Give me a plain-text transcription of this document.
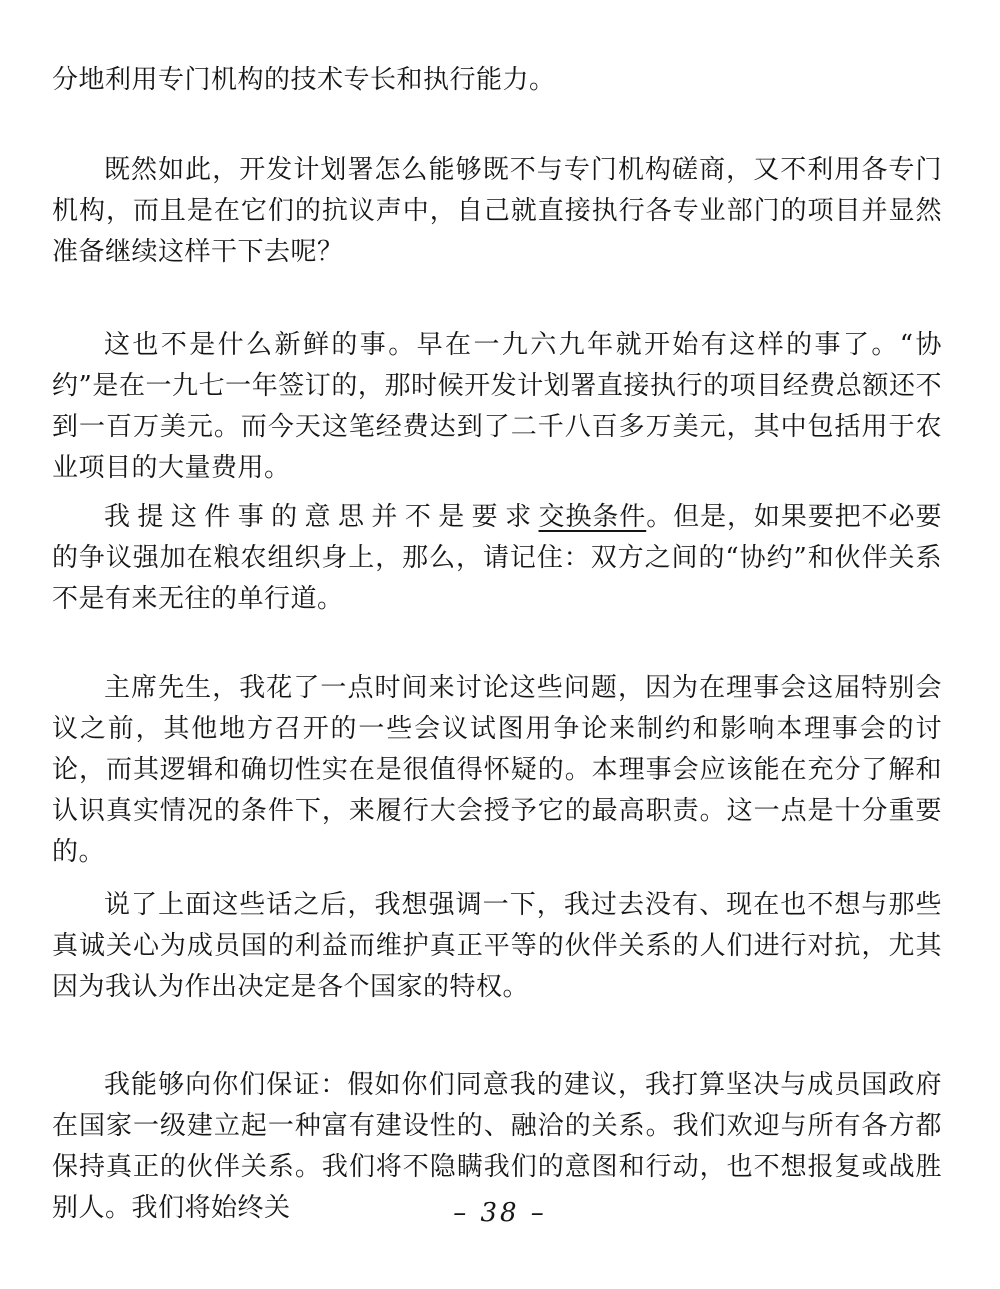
分地利用专门机构的技术专长和执行能力。

既然如此，开发计划署怎么能够既不与专门机构磋商，又不利用各专门机构，而且是在它们的抗议声中，自己就直接执行各专业部门的项目并显然准备继续这样干下去呢？

这也不是什么新鲜的事。早在一九六九年就开始有这样的事了。“协约”是在一九七一年签订的，那时候开发计划署直接执行的项目经费总额还不到一百万美元。而今天这笔经费达到了二千八百多万美元，其中包括用于农业项目的大量费用。

我提这件事的意思并不是要求交换条件。但是，如果要把不必要的争议强加在粮农组织身上，那么，请记住：双方之间的“协约”和伙伴关系不是有来无往的单行道。

主席先生，我花了一点时间来讨论这些问题，因为在理事会这届特别会议之前，其他地方召开的一些会议试图用争论来制约和影响本理事会的讨论，而其逻辑和确切性实在是很值得怀疑的。本理事会应该能在充分了解和认识真实情况的条件下，来履行大会授予它的最高职责。这一点是十分重要的。

说了上面这些话之后，我想强调一下，我过去没有、现在也不想与那些真诚关心为成员国的利益而维护真正平等的伙伴关系的人们进行对抗，尤其因为我认为作出决定是各个国家的特权。

我能够向你们保证：假如你们同意我的建议，我打算坚决与成员国政府在国家一级建立起一种富有建设性的、融洽的关系。我们欢迎与所有各方都保持真正的伙伴关系。我们将不隐瞒我们的意图和行动，也不想报复或战胜别人。我们将始终关	– 38 –
